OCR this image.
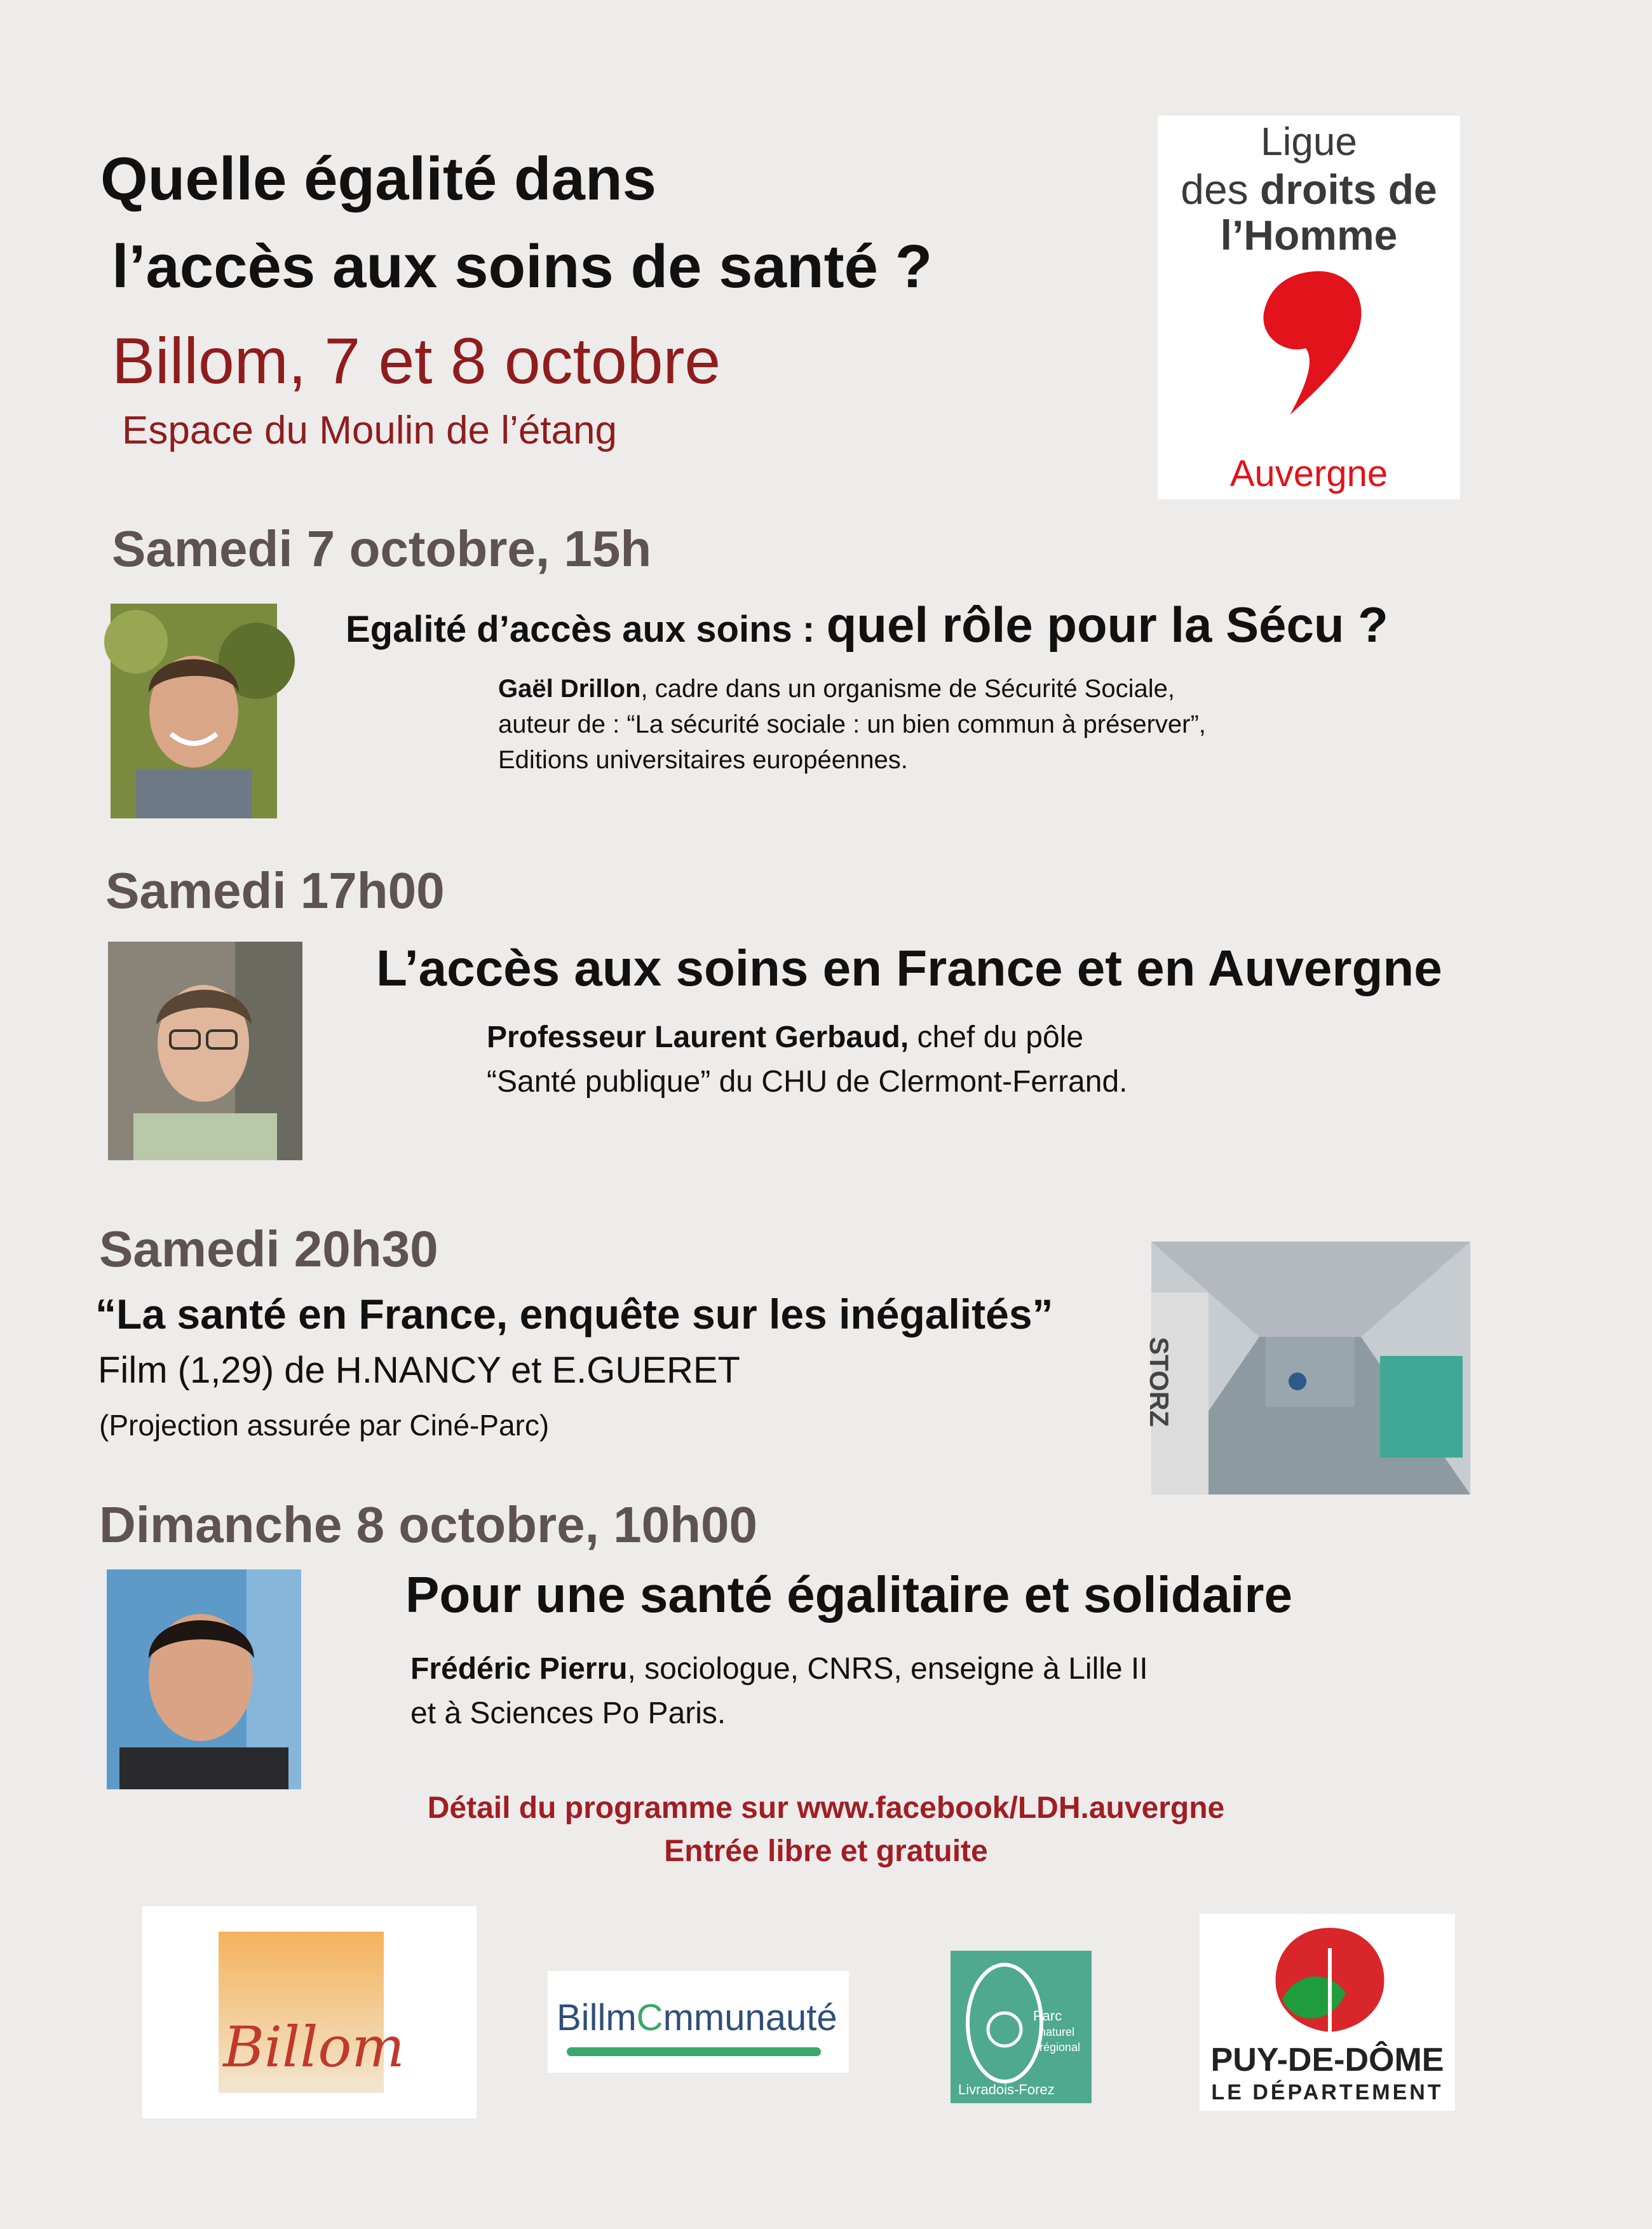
Quelle égalité dans
l’accès aux soins de santé ?
Billom, 7 et 8 octobre
Espace du Moulin de l’étang
Ligue
des droits de
l’Homme
Auvergne
Samedi 7 octobre, 15h
Egalité d’accès aux soins : quel rôle pour la Sécu ?
Gaël Drillon, cadre dans un organisme de Sécurité Sociale,
auteur de : “La sécurité sociale : un bien commun à préserver”,
Editions universitaires européennes.
Samedi 17h00
L’accès aux soins en France et en Auvergne
Professeur Laurent Gerbaud, chef du pôle
“Santé publique” du CHU de Clermont-Ferrand.
Samedi 20h30
“La santé en France, enquête sur les inégalités”
Film (1,29) de H.NANCY et E.GUERET
(Projection assurée par Ciné-Parc)	STORZ
Dimanche 8 octobre, 10h00
Pour une santé égalitaire et solidaire
Frédéric Pierru, sociologue, CNRS, enseigne à Lille II
et à Sciences Po Paris.
Détail du programme sur www.facebook/LDH.auvergne
Entrée libre et gratuite
Billom	BillmCmmunauté	Parc
naturel
régional
Livradois-Forez
PUY-DE-DÔME
LE DÉPARTEMENT
